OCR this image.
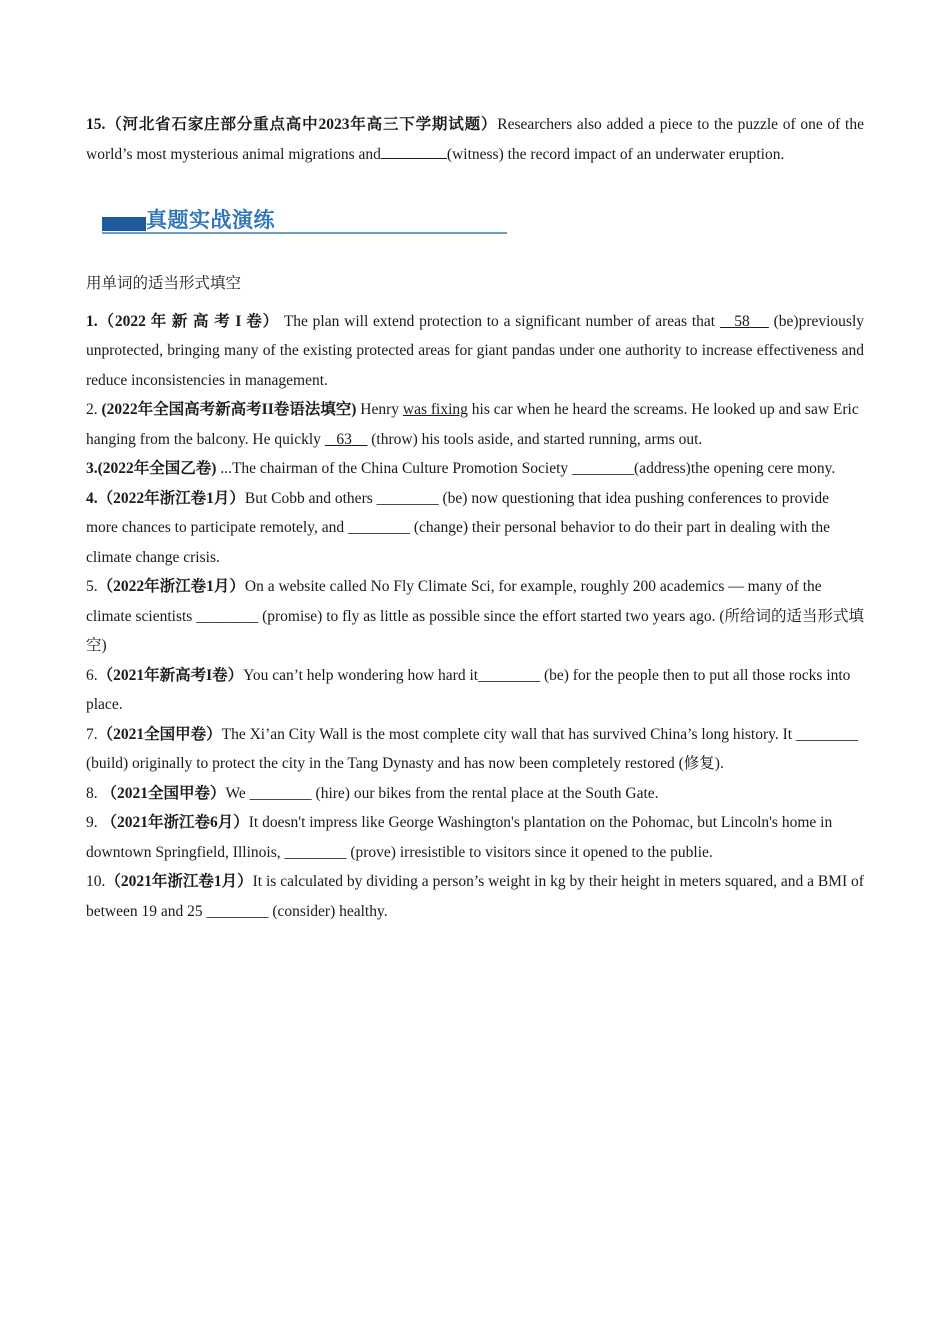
15.（河北省石家庄部分重点高中2023年高三下学期试题）Researchers also added a piece to the puzzle of one of the world’s most mysterious animal migrations and	(witness) the record impact of an underwater eruption.

真题实战演练

用单词的适当形式填空

1.（2022 年 新 高 考 I 卷） The plan will extend protection to a significant number of areas that 58 (be)previously unprotected, bringing many of the existing protected areas for giant pandas under one authority to increase effectiveness and reduce inconsistencies in management.

2. (2022年全国高考新高考II卷语法填空) Henry was fixing his car when he heard the screams. He looked up and saw Eric hanging from the balcony. He quickly 63 (throw) his tools aside, and started running, arms out.

3.(2022年全国乙卷) ...The chairman of the China Culture Promotion Society ________(address)the opening cere mony.

4.（2022年浙江卷1月）But Cobb and others ________ (be) now questioning that idea pushing conferences to provide more chances to participate remotely, and ________ (change) their personal behavior to do their part in dealing with the climate change crisis.

5.（2022年浙江卷1月）On a website called No Fly Climate Sci, for example, roughly 200 academics — many of the climate scientists ________ (promise) to fly as little as possible since the effort started two years ago. (所给词的适当形式填空)

6.（2021年新高考I卷）You can’t help wondering how hard it________ (be) for the people then to put all those rocks into place.

7.（2021全国甲卷）The Xi’an City Wall is the most complete city wall that has survived China’s long history. It ________ (build) originally to protect the city in the Tang Dynasty and has now been completely restored (修复).

8. （2021全国甲卷）We ________ (hire) our bikes from the rental place at the South Gate.

9. （2021年浙江卷6月）It doesn't impress like George Washington's plantation on the Pohomac, but Lincoln's home in downtown Springfield, Illinois, ________ (prove) irresistible to visitors since it opened to the publie.

10.（2021年浙江卷1月）It is calculated by dividing a person’s weight in kg by their height in meters squared, and a BMI of between 19 and 25 ________ (consider) healthy.
